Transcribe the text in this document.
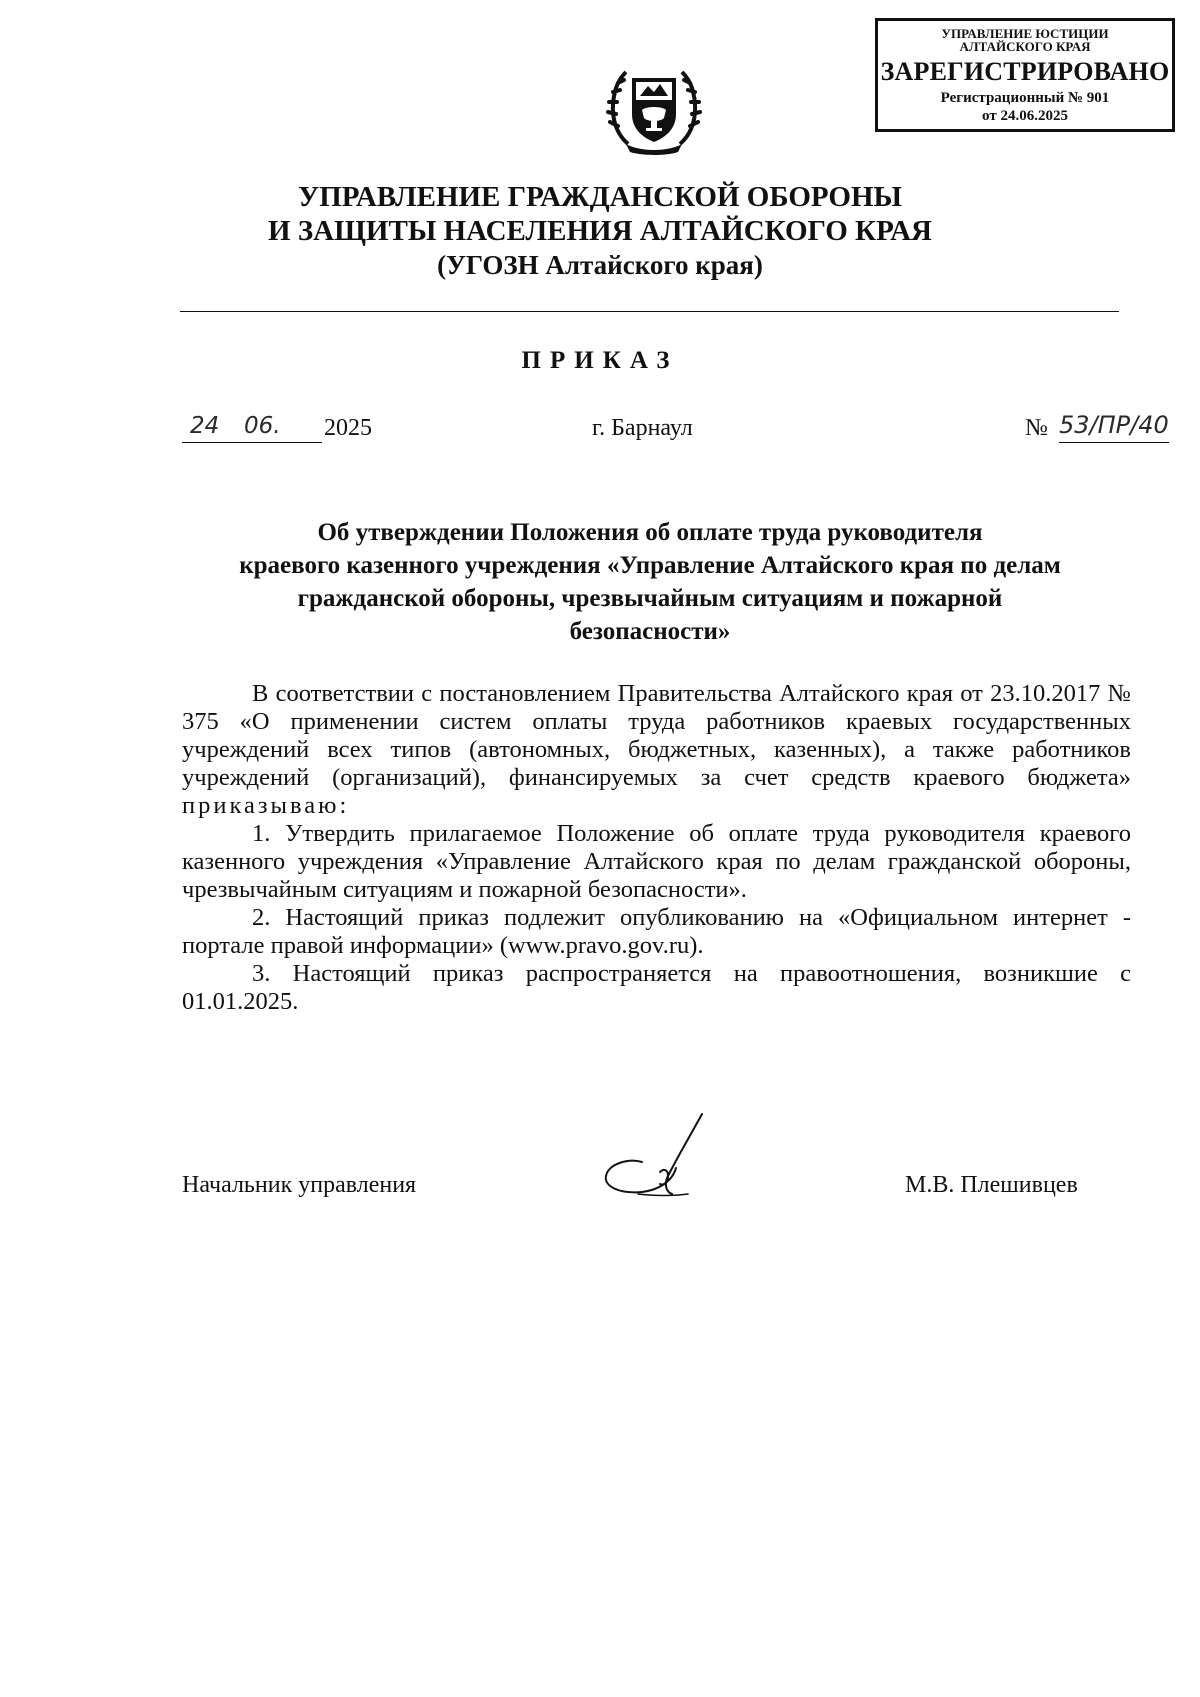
УПРАВЛЕНИЕ ЮСТИЦИИ
АЛТАЙСКОГО КРАЯ
ЗАРЕГИСТРИРОВАНО
Регистрационный № 901
от 24.06.2025
УПРАВЛЕНИЕ ГРАЖДАНСКОЙ ОБОРОНЫ
И ЗАЩИТЫ НАСЕЛЕНИЯ АЛТАЙСКОГО КРАЯ
(УГОЗН Алтайского края)
ПРИКАЗ
24 06. 2025	г. Барнаул	№ 53/ПР/40
Об утверждении Положения об оплате труда руководителя
краевого казенного учреждения «Управление Алтайского края по делам
гражданской обороны, чрезвычайным ситуациям и пожарной
безопасности»

В соответствии с постановлением Правительства Алтайского края от 23.10.2017 № 375 «О применении систем оплаты труда работников краевых государственных учреждений всех типов (автономных, бюджетных, казенных), а также работников учреждений (организаций), финансируемых за счет средств краевого бюджета» приказываю:

1. Утвердить прилагаемое Положение об оплате труда руководителя краевого казенного учреждения «Управление Алтайского края по делам гражданской обороны, чрезвычайным ситуациям и пожарной безопасности».

2. Настоящий приказ подлежит опубликованию на «Официальном интернет - портале правой информации» (www.pravo.gov.ru).

3. Настоящий приказ распространяется на правоотношения, возникшие с 01.01.2025.

Начальник управления	М.В. Плешивцев
